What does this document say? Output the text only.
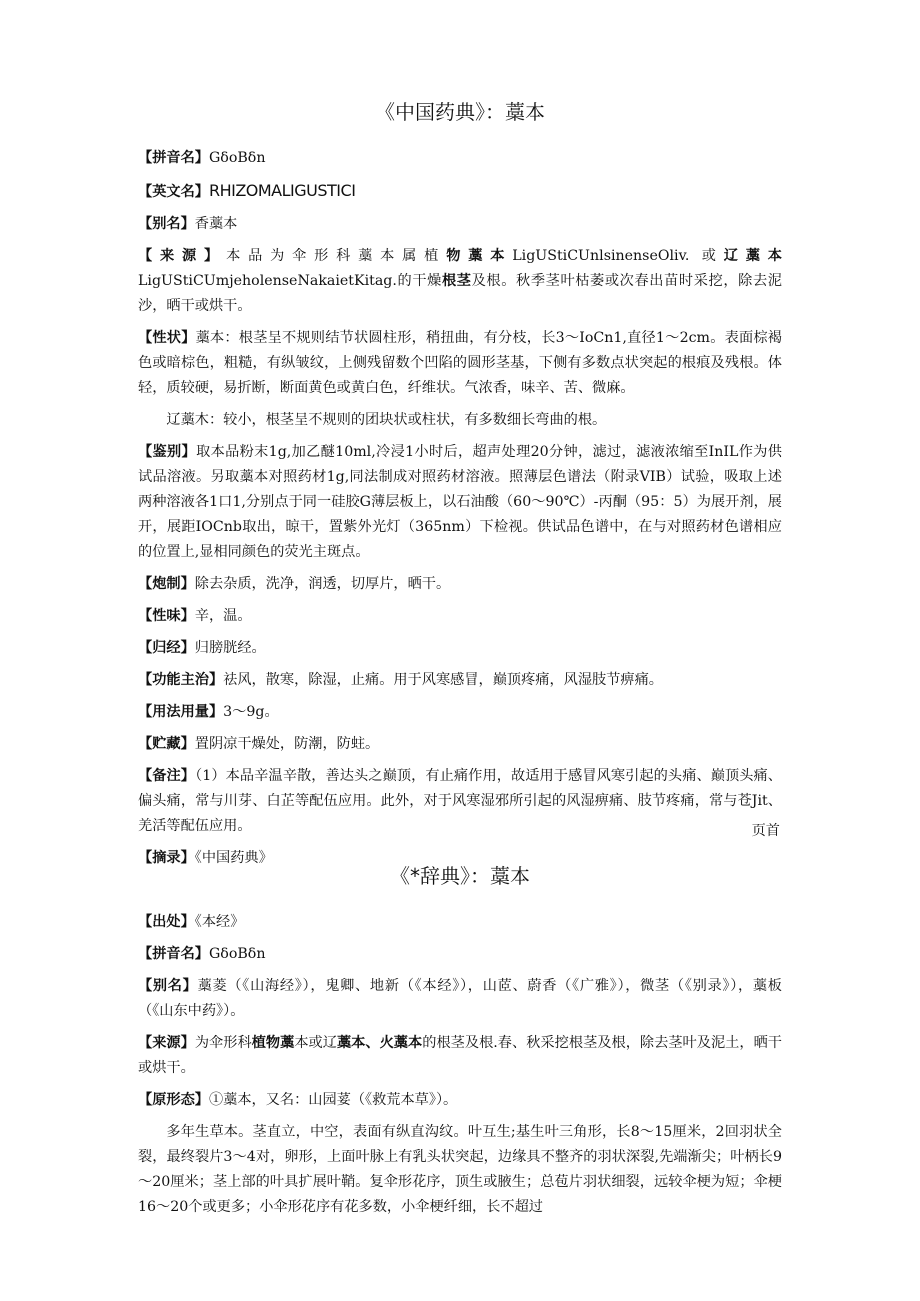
《中国药典》：藁本

【拼音名】GδoBδn

【英文名】RHIZOMALIGUSTICI

【别名】香藁本

【来源】本品为伞形科藁本属植物藁本LigUStiCUnlsinenseOliv. 或辽藁本LigUStiCUmjeholenseNakaietKitag.的干燥根茎及根。秋季茎叶枯萎或次春出苗时采挖，除去泥沙，晒干或烘干。

【性状】藁本：根茎呈不规则结节状圆柱形，稍扭曲，有分枝，长3～IoCn1,直径1～2cm。表面棕褐色或暗棕色，粗糙，有纵皱纹，上侧残留数个凹陷的圆形茎基，下侧有多数点状突起的根痕及残根。体轻，质较硬，易折断，断面黄色或黄白色，纤维状。气浓香，味辛、苦、微麻。

辽藁木：较小，根茎呈不规则的团块状或柱状，有多数细长弯曲的根。

【鉴别】取本品粉末1g,加乙醚10ml,冷浸1小时后，超声处理20分钟，滤过，滤液浓缩至InIL作为供试品溶液。另取藁本对照药材1g,同法制成对照药材溶液。照薄层色谱法（附录VIB）试验，吸取上述两种溶液各1口1,分别点于同一硅胶G薄层板上，以石油酸（60～90℃）-丙酮（95：5）为展开剂，展开，展距IOCnb取出，晾干，置紫外光灯（365nm）下检视。供试品色谱中，在与对照药材色谱相应的位置上,显相同颜色的荧光主斑点。

【炮制】除去杂质，洗净，润透，切厚片，晒干。

【性味】辛，温。

【归经】归膀胱经。

【功能主治】祛风，散寒，除湿，止痛。用于风寒感冒，巅顶疼痛，风湿肢节痹痛。

【用法用量】3～9g。

【贮藏】置阴凉干燥处，防潮，防蛀。

【备注】（1）本品辛温辛散，善达头之巅顶，有止痛作用，故适用于感冒风寒引起的头痛、巅顶头痛、偏头痛，常与川芽、白芷等配伍应用。此外，对于风寒湿邪所引起的风湿痹痛、肢节疼痛，常与苍Jit、羌活等配伍应用。

【摘录】《中国药典》

页首
《*辞典》：藁本

【出处】《本经》

【拼音名】GδoBδn

【别名】藁菱（《山海经》），鬼卿、地新（《本经》），山茝、蔚香（《广雅》），微茎（《别录》），藁板（《山东中药》）。

【来源】为伞形科植物藁本或辽藁本、火藁本的根茎及根.春、秋采挖根茎及根，除去茎叶及泥土，晒干或烘干。

【原形态】①藁本，又名：山园荽（《救荒本草》）。

多年生草本。茎直立，中空，表面有纵直沟纹。叶互生;基生叶三角形，长8～15厘米，2回羽状全裂，最终裂片3～4对，卵形，上面叶脉上有乳头状突起，边缘具不整齐的羽状深裂,先端渐尖；叶柄长9～20厘米；茎上部的叶具扩展叶鞘。复伞形花序，顶生或腋生；总苞片羽状细裂，远较伞梗为短；伞梗16～20个或更多；小伞形花序有花多数，小伞梗纤细，长不超过
